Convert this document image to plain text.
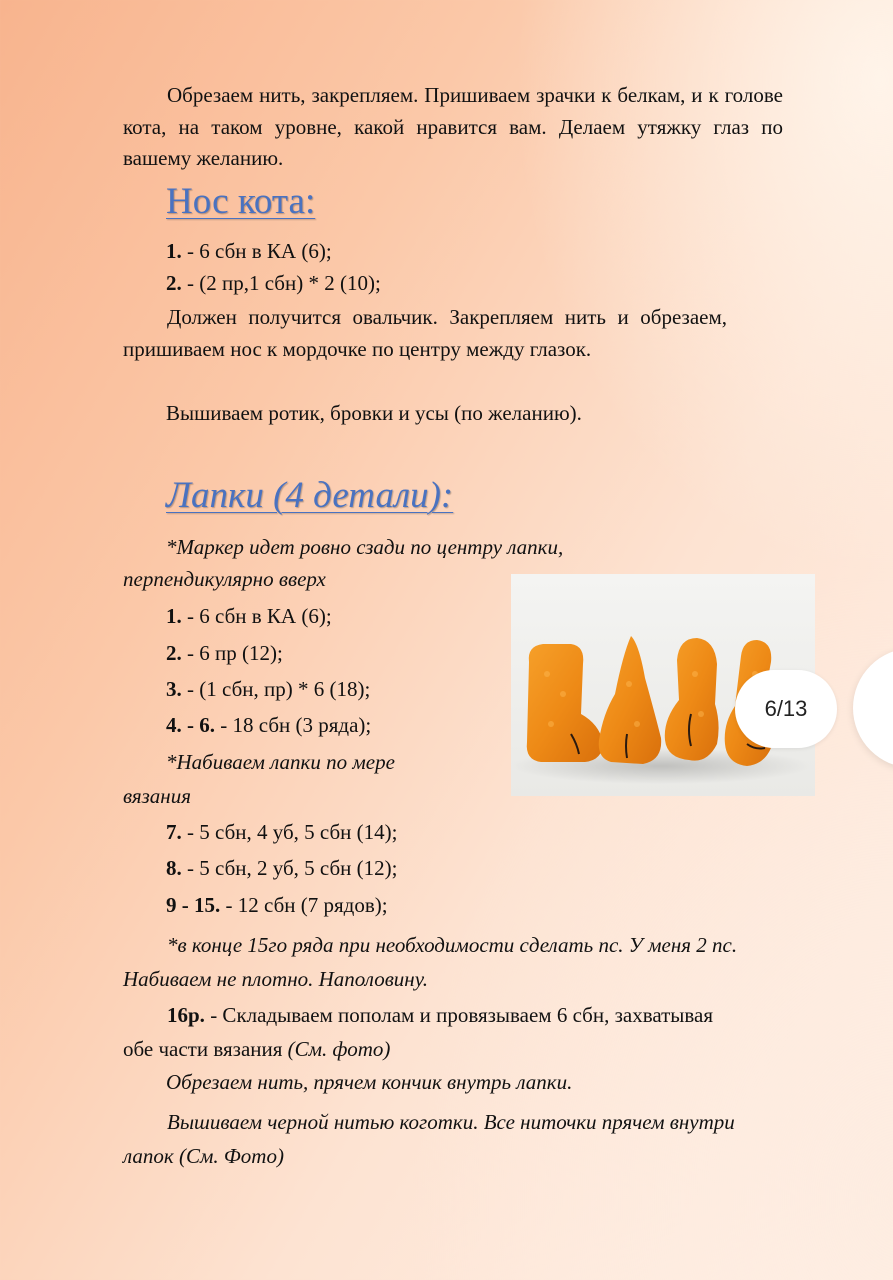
Обрезаем нить, закрепляем. Пришиваем зрачки к белкам, и к голове кота, на таком уровне, какой нравится вам. Делаем утяжку глаз по вашему желанию.

Нос кота:
1. - 6 сбн в КА (6);
2. - (2 пр,1 сбн) * 2 (10);

Должен получится овальчик. Закрепляем нить и обрезаем, пришиваем нос к мордочке по центру между глазок.

Вышиваем ротик, бровки и усы (по желанию).
Лапки (4 детали):
*Маркер идет ровно сзади по центру лапки,
перпендикулярно вверх
1. - 6 сбн в КА (6);
2. - 6 пр (12);
3. - (1 сбн, пр) * 6 (18);
4. - 6. - 18 сбн (3 ряда);
*Набиваем лапки по мере
вязания
7. - 5 сбн, 4 уб, 5 сбн (14);
8. - 5 сбн, 2 уб, 5 сбн (12);
9 - 15. - 12 сбн (7 рядов);

*в конце 15го ряда при необходимости сделать пс. У меня 2 пс. Набиваем не плотно. Наполовину.

16р. - Складываем пополам и провязываем 6 сбн, захватывая обе части вязания (См. фото)

Обрезаем нить, прячем кончик внутрь лапки.

Вышиваем черной нитью коготки. Все ниточки прячем внутри лапок (См. Фото)

6/13
